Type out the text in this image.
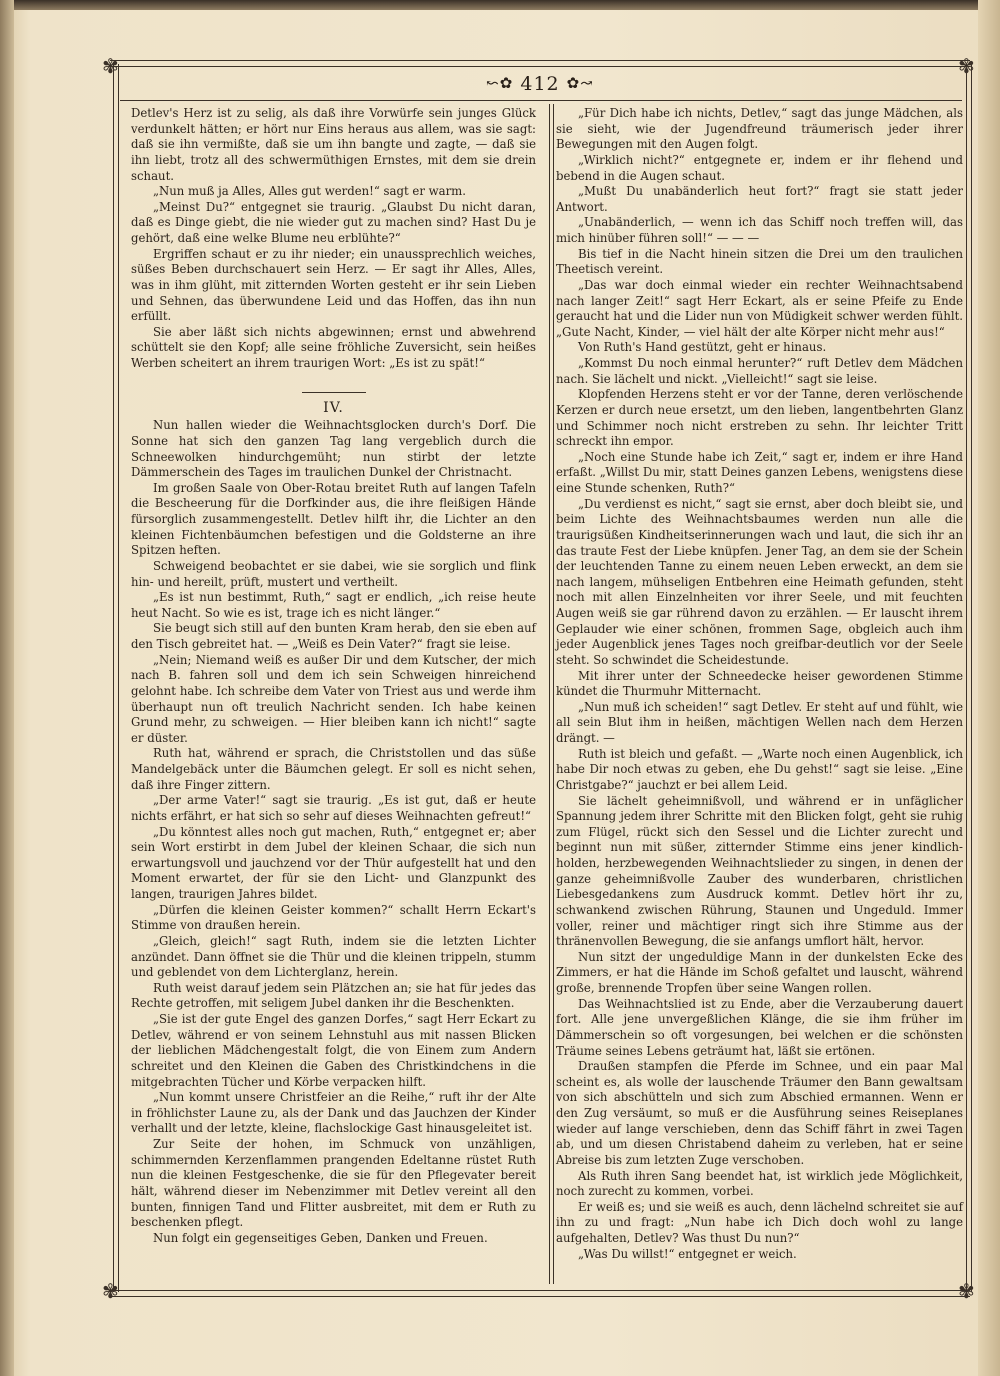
✾	✾
✾	✾
↜✿ 412 ✿↝

Detlev's Herz ist zu selig, als daß ihre Vorwürfe sein junges Glück verdunkelt hätten; er hört nur Eins heraus aus allem, was sie sagt: daß sie ihn vermißte, daß sie um ihn bangte und zagte, — daß sie ihn liebt, trotz all des schwermüthigen Ernstes, mit dem sie drein schaut.

„Nun muß ja Alles, Alles gut werden!“ sagt er warm.

„Meinst Du?“ entgegnet sie traurig. „Glaubst Du nicht daran, daß es Dinge giebt, die nie wieder gut zu machen sind? Hast Du je gehört, daß eine welke Blume neu erblühte?“

Ergriffen schaut er zu ihr nieder; ein unaussprechlich weiches, süßes Beben durchschauert sein Herz. — Er sagt ihr Alles, Alles, was in ihm glüht, mit zitternden Worten gesteht er ihr sein Lieben und Sehnen, das überwundene Leid und das Hoffen, das ihn nun erfüllt.

Sie aber läßt sich nichts abgewinnen; ernst und abwehrend schüttelt sie den Kopf; alle seine fröhliche Zuversicht, sein heißes Werben scheitert an ihrem traurigen Wort: „Es ist zu spät!“

IV.

Nun hallen wieder die Weihnachtsglocken durch's Dorf. Die Sonne hat sich den ganzen Tag lang vergeblich durch die Schneewolken hindurchgemüht; nun stirbt der letzte Dämmerschein des Tages im traulichen Dunkel der Christnacht.

Im großen Saale von Ober-Rotau breitet Ruth auf langen Tafeln die Bescheerung für die Dorfkinder aus, die ihre fleißigen Hände fürsorglich zusammengestellt. Detlev hilft ihr, die Lichter an den kleinen Fichtenbäumchen befestigen und die Goldsterne an ihre Spitzen heften.

Schweigend beobachtet er sie dabei, wie sie sorglich und flink hin- und hereilt, prüft, mustert und vertheilt.

„Es ist nun bestimmt, Ruth,“ sagt er endlich, „ich reise heute heut Nacht. So wie es ist, trage ich es nicht länger.“

Sie beugt sich still auf den bunten Kram herab, den sie eben auf den Tisch gebreitet hat. — „Weiß es Dein Vater?“ fragt sie leise.

„Nein; Niemand weiß es außer Dir und dem Kutscher, der mich nach B. fahren soll und dem ich sein Schweigen hinreichend gelohnt habe. Ich schreibe dem Vater von Triest aus und werde ihm überhaupt nun oft treulich Nachricht senden. Ich habe keinen Grund mehr, zu schweigen. — Hier bleiben kann ich nicht!“ sagte er düster.

Ruth hat, während er sprach, die Christstollen und das süße Mandelgebäck unter die Bäumchen gelegt. Er soll es nicht sehen, daß ihre Finger zittern.

„Der arme Vater!“ sagt sie traurig. „Es ist gut, daß er heute nichts erfährt, er hat sich so sehr auf dieses Weihnachten gefreut!“

„Du könntest alles noch gut machen, Ruth,“ entgegnet er; aber sein Wort erstirbt in dem Jubel der kleinen Schaar, die sich nun erwartungsvoll und jauchzend vor der Thür aufgestellt hat und den Moment erwartet, der für sie den Licht- und Glanzpunkt des langen, traurigen Jahres bildet.

„Dürfen die kleinen Geister kommen?“ schallt Herrn Eckart's Stimme von draußen herein.

„Gleich, gleich!“ sagt Ruth, indem sie die letzten Lichter anzündet. Dann öffnet sie die Thür und die kleinen trippeln, stumm und geblendet von dem Lichterglanz, herein.

Ruth weist darauf jedem sein Plätzchen an; sie hat für jedes das Rechte getroffen, mit seligem Jubel danken ihr die Beschenkten.

„Sie ist der gute Engel des ganzen Dorfes,“ sagt Herr Eckart zu Detlev, während er von seinem Lehnstuhl aus mit nassen Blicken der lieblichen Mädchengestalt folgt, die von Einem zum Andern schreitet und den Kleinen die Gaben des Christkindchens in die mitgebrachten Tücher und Körbe verpacken hilft.

„Nun kommt unsere Christfeier an die Reihe,“ ruft ihr der Alte in fröhlichster Laune zu, als der Dank und das Jauchzen der Kinder verhallt und der letzte, kleine, flachslockige Gast hinausgeleitet ist.

Zur Seite der hohen, im Schmuck von unzähligen, schimmernden Kerzenflammen prangenden Edeltanne rüstet Ruth nun die kleinen Festgeschenke, die sie für den Pflegevater bereit hält, während dieser im Nebenzimmer mit Detlev vereint all den bunten, finnigen Tand und Flitter ausbreitet, mit dem er Ruth zu beschenken pflegt.

Nun folgt ein gegenseitiges Geben, Danken und Freuen.

„Für Dich habe ich nichts, Detlev,“ sagt das junge Mädchen, als sie sieht, wie der Jugendfreund träumerisch jeder ihrer Bewegungen mit den Augen folgt.

„Wirklich nicht?“ entgegnete er, indem er ihr flehend und bebend in die Augen schaut.

„Mußt Du unabänderlich heut fort?“ fragt sie statt jeder Antwort.

„Unabänderlich, — wenn ich das Schiff noch treffen will, das mich hinüber führen soll!“ — — —

Bis tief in die Nacht hinein sitzen die Drei um den traulichen Theetisch vereint.

„Das war doch einmal wieder ein rechter Weihnachtsabend nach langer Zeit!“ sagt Herr Eckart, als er seine Pfeife zu Ende geraucht hat und die Lider nun von Müdigkeit schwer werden fühlt. „Gute Nacht, Kinder, — viel hält der alte Körper nicht mehr aus!“

Von Ruth's Hand gestützt, geht er hinaus.

„Kommst Du noch einmal herunter?“ ruft Detlev dem Mädchen nach. Sie lächelt und nickt. „Vielleicht!“ sagt sie leise.

Klopfenden Herzens steht er vor der Tanne, deren verlöschende Kerzen er durch neue ersetzt, um den lieben, langentbehrten Glanz und Schimmer noch nicht erstreben zu sehn. Ihr leichter Tritt schreckt ihn empor.

„Noch eine Stunde habe ich Zeit,“ sagt er, indem er ihre Hand erfaßt. „Willst Du mir, statt Deines ganzen Lebens, wenigstens diese eine Stunde schenken, Ruth?“

„Du verdienst es nicht,“ sagt sie ernst, aber doch bleibt sie, und beim Lichte des Weihnachtsbaumes werden nun alle die traurigsüßen Kindheitserinnerungen wach und laut, die sich ihr an das traute Fest der Liebe knüpfen. Jener Tag, an dem sie der Schein der leuchtenden Tanne zu einem neuen Leben erweckt, an dem sie nach langem, mühseligen Entbehren eine Heimath gefunden, steht noch mit allen Einzelnheiten vor ihrer Seele, und mit feuchten Augen weiß sie gar rührend davon zu erzählen. — Er lauscht ihrem Geplauder wie einer schönen, frommen Sage, obgleich auch ihm jeder Augenblick jenes Tages noch greifbar-deutlich vor der Seele steht. So schwindet die Scheidestunde.

Mit ihrer unter der Schneedecke heiser gewordenen Stimme kündet die Thurmuhr Mitternacht.

„Nun muß ich scheiden!“ sagt Detlev. Er steht auf und fühlt, wie all sein Blut ihm in heißen, mächtigen Wellen nach dem Herzen drängt. —

Ruth ist bleich und gefaßt. — „Warte noch einen Augenblick, ich habe Dir noch etwas zu geben, ehe Du gehst!“ sagt sie leise. „Eine Christgabe?“ jauchzt er bei allem Leid.

Sie lächelt geheimnißvoll, und während er in unfäglicher Spannung jedem ihrer Schritte mit den Blicken folgt, geht sie ruhig zum Flügel, rückt sich den Sessel und die Lichter zurecht und beginnt nun mit süßer, zitternder Stimme eins jener kindlich-holden, herzbewegenden Weihnachtslieder zu singen, in denen der ganze geheimnißvolle Zauber des wunderbaren, christlichen Liebesgedankens zum Ausdruck kommt. Detlev hört ihr zu, schwankend zwischen Rührung, Staunen und Ungeduld. Immer voller, reiner und mächtiger ringt sich ihre Stimme aus der thränenvollen Bewegung, die sie anfangs umflort hält, hervor.

Nun sitzt der ungeduldige Mann in der dunkelsten Ecke des Zimmers, er hat die Hände im Schoß gefaltet und lauscht, während große, brennende Tropfen über seine Wangen rollen.

Das Weihnachtslied ist zu Ende, aber die Verzauberung dauert fort. Alle jene unvergeßlichen Klänge, die sie ihm früher im Dämmerschein so oft vorgesungen, bei welchen er die schönsten Träume seines Lebens geträumt hat, läßt sie ertönen.

Draußen stampfen die Pferde im Schnee, und ein paar Mal scheint es, als wolle der lauschende Träumer den Bann gewaltsam von sich abschütteln und sich zum Abschied ermannen. Wenn er den Zug versäumt, so muß er die Ausführung seines Reiseplanes wieder auf lange verschieben, denn das Schiff fährt in zwei Tagen ab, und um diesen Christabend daheim zu verleben, hat er seine Abreise bis zum letzten Zuge verschoben.

Als Ruth ihren Sang beendet hat, ist wirklich jede Möglichkeit, noch zurecht zu kommen, vorbei.

Er weiß es; und sie weiß es auch, denn lächelnd schreitet sie auf ihn zu und fragt: „Nun habe ich Dich doch wohl zu lange aufgehalten, Detlev? Was thust Du nun?“

„Was Du willst!“ entgegnet er weich.
